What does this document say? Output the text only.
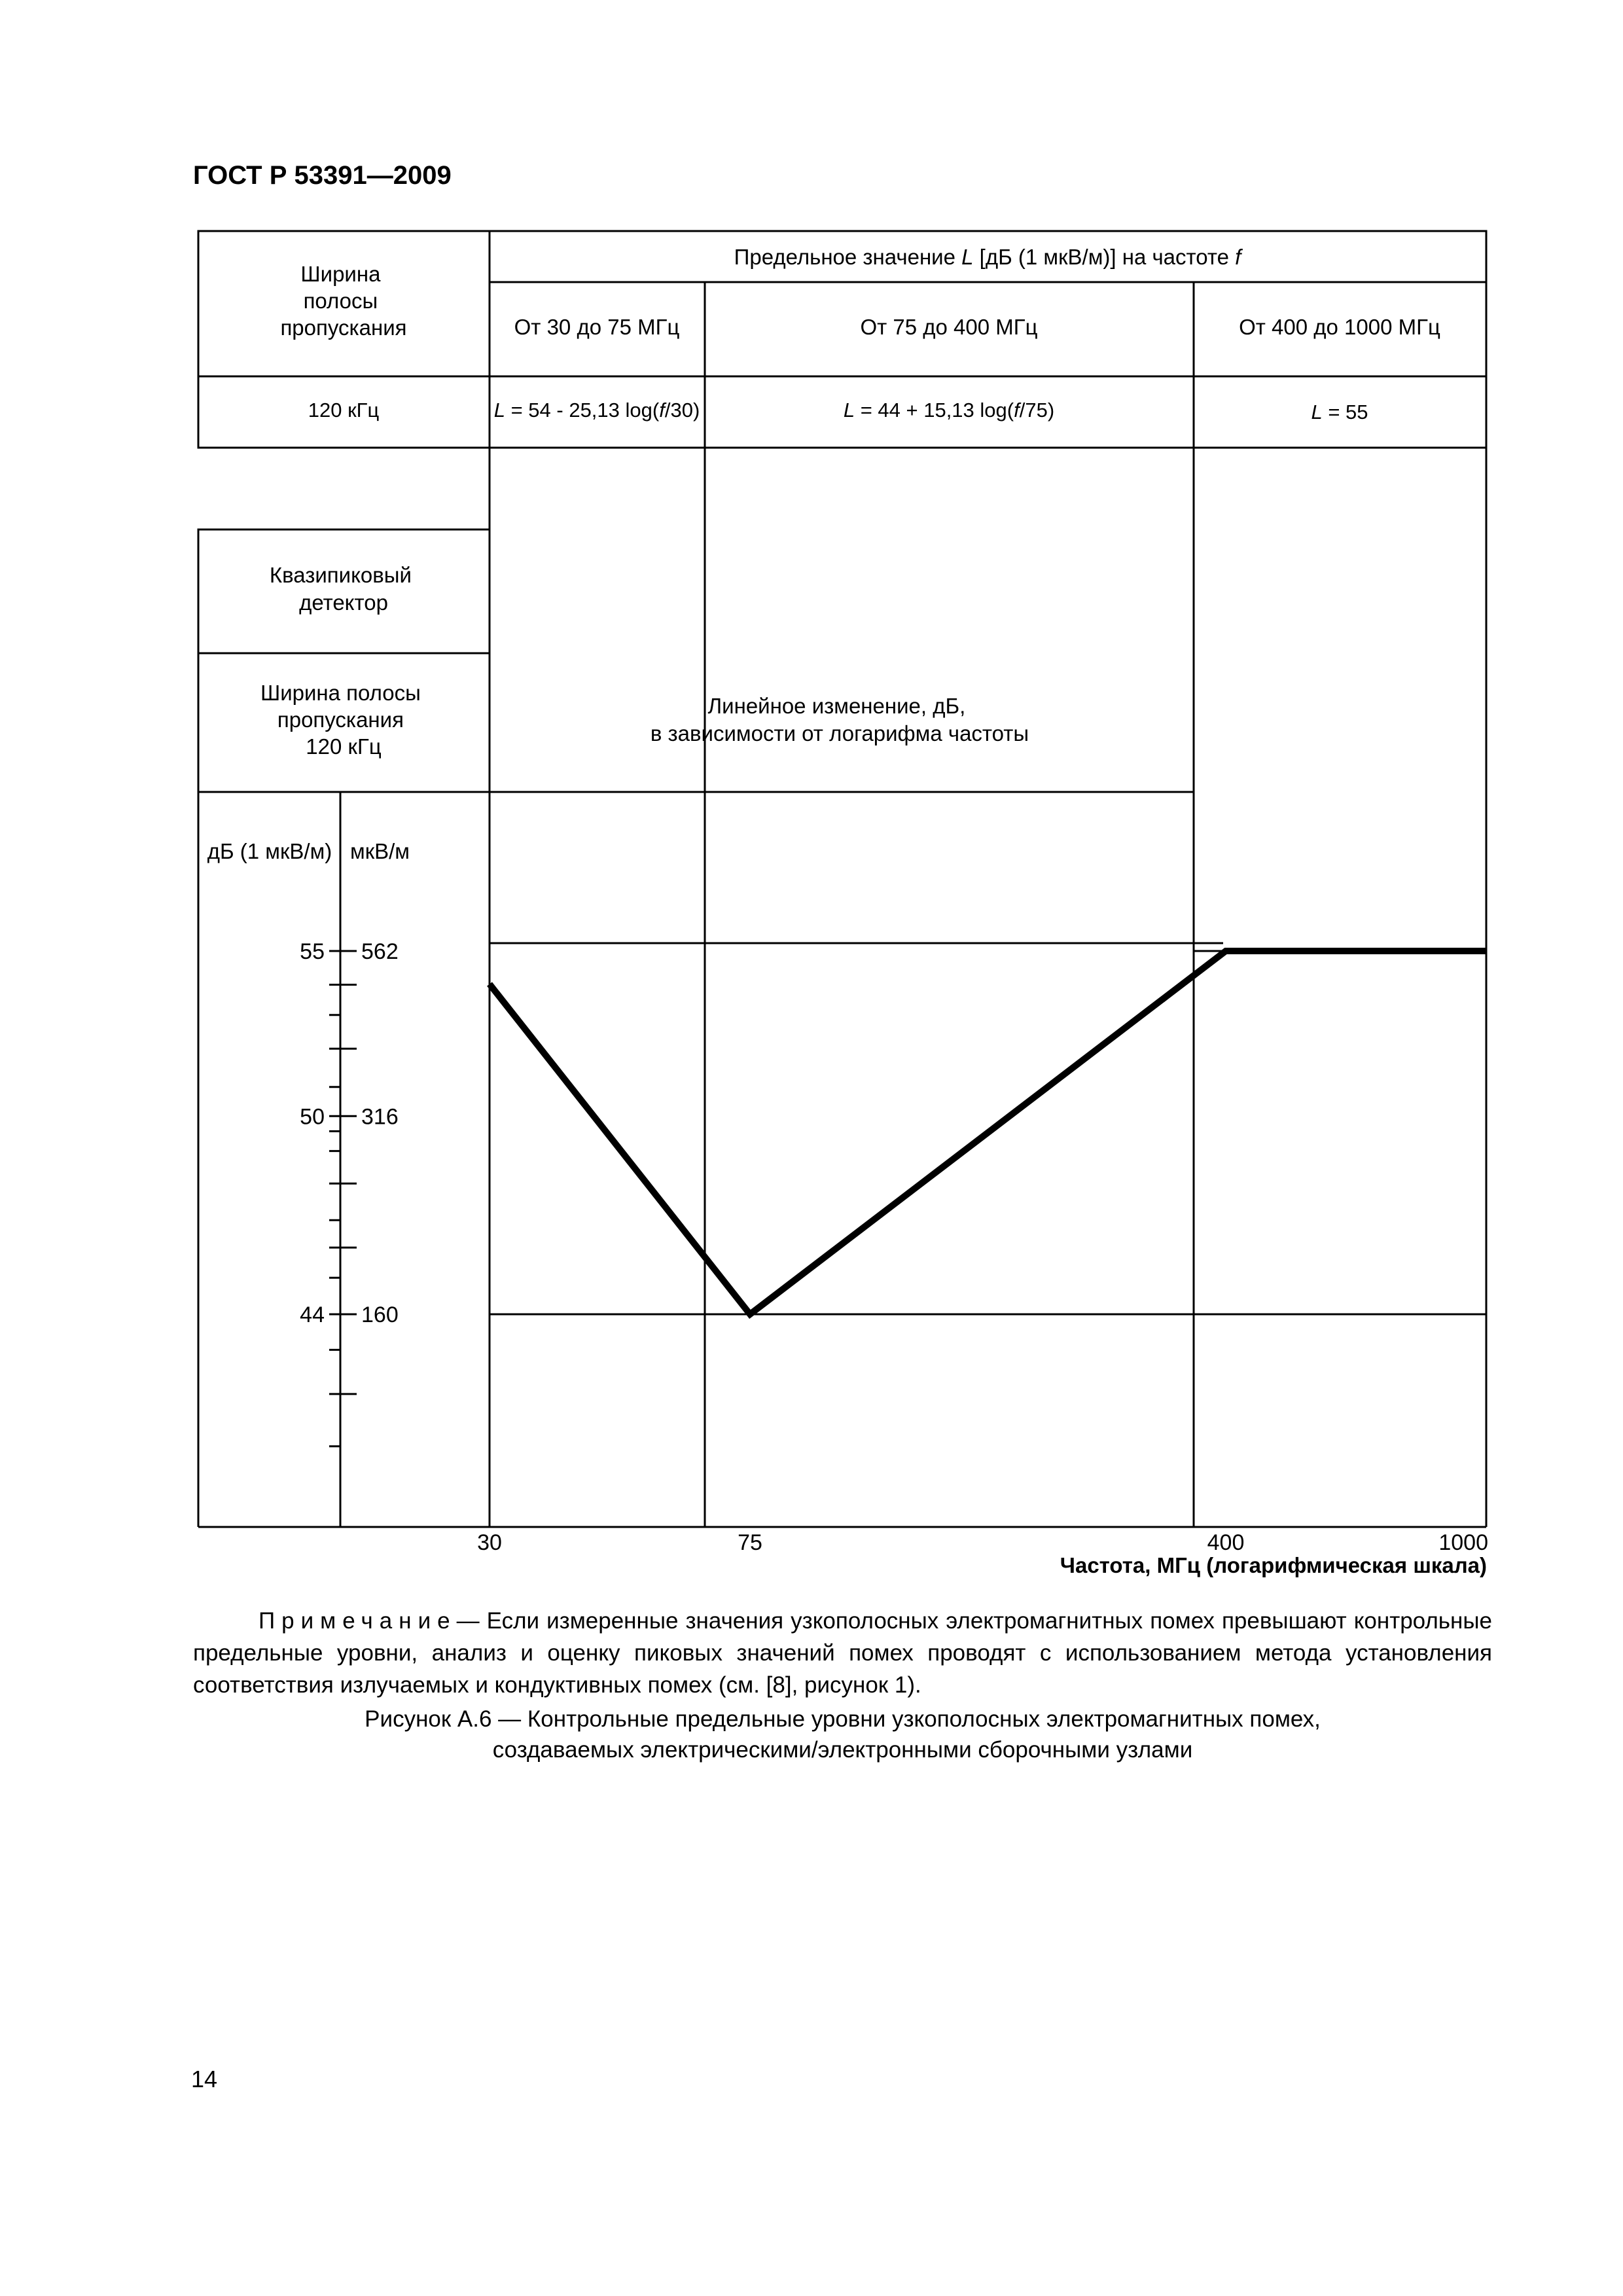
ГОСТ Р 53391—2009
Ширина полосы пропускания
Предельное значение L [дБ (1 мкВ/м)] на частоте f
От 30 до 75 МГц	От 75 до 400 МГц	От 400 до 1000 МГц
120 кГц	L = 54 - 25,13 log(f/30)	L = 44 + 15,13 log(f/75)	L = 55
Квазипиковый детектор
Ширина полосы пропускания 120 кГц
дБ (1 мкВ/м) мкВ/м
Линейное изменение, дБ, в зависимости от логарифма частоты
55 562
50 316
44 160
30	75	400	1000
Частота, МГц (логарифмическая шкала)
Примечание— Если измеренные значения узкополосных электромагнитных помех превышают контрольные предельные уровни, анализ и оценку пиковых значений помех проводят с использованием метода установления соответствия излучаемых и кондуктивных помех (см. [8], рисунок 1).
Рисунок А.6 — Контрольные предельные уровни узкополосных электромагнитных помех,
создаваемых электрическими/электронными сборочными узлами
14
